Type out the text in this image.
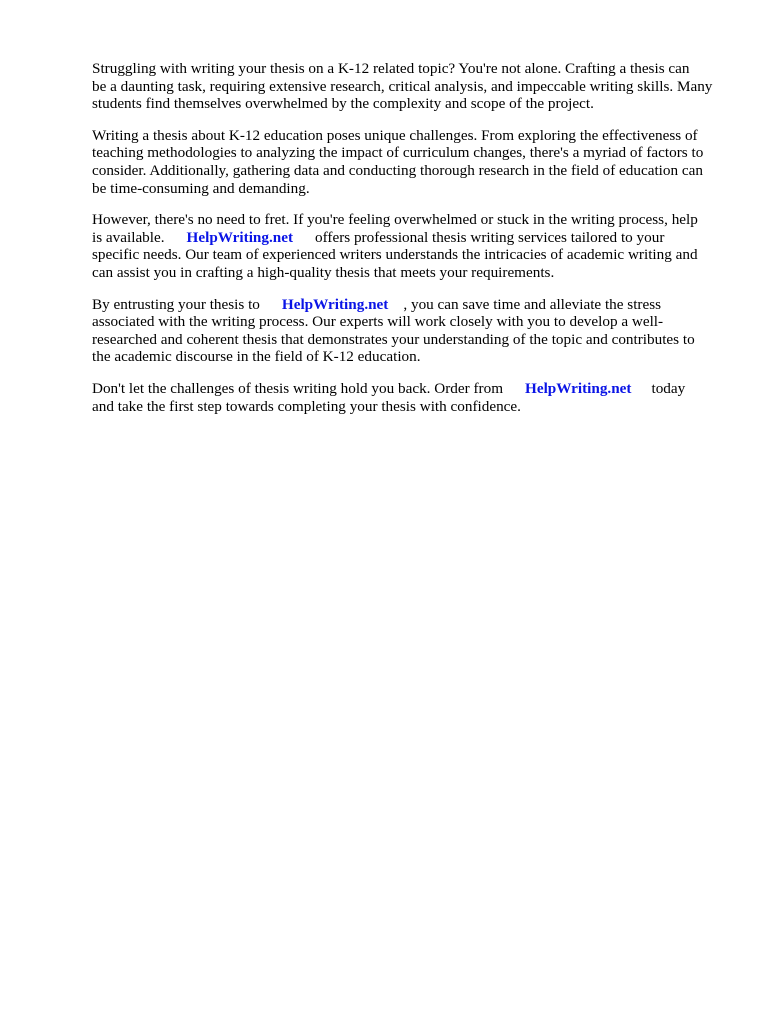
Struggling with writing your thesis on a K-12 related topic? You're not alone. Crafting a thesis can
be a daunting task, requiring extensive research, critical analysis, and impeccable writing skills. Many
students find themselves overwhelmed by the complexity and scope of the project.

Writing a thesis about K-12 education poses unique challenges. From exploring the effectiveness of
teaching methodologies to analyzing the impact of curriculum changes, there's a myriad of factors to
consider. Additionally, gathering data and conducting thorough research in the field of education can
be time-consuming and demanding.

However, there's no need to fret. If you're feeling overwhelmed or stuck in the writing process, help
is available. HelpWriting.net offers professional thesis writing services tailored to your
specific needs. Our team of experienced writers understands the intricacies of academic writing and
can assist you in crafting a high-quality thesis that meets your requirements.

By entrusting your thesis to HelpWriting.net , you can save time and alleviate the stress
associated with the writing process. Our experts will work closely with you to develop a well-
researched and coherent thesis that demonstrates your understanding of the topic and contributes to
the academic discourse in the field of K-12 education.

Don't let the challenges of thesis writing hold you back. Order from HelpWriting.net today
and take the first step towards completing your thesis with confidence.
